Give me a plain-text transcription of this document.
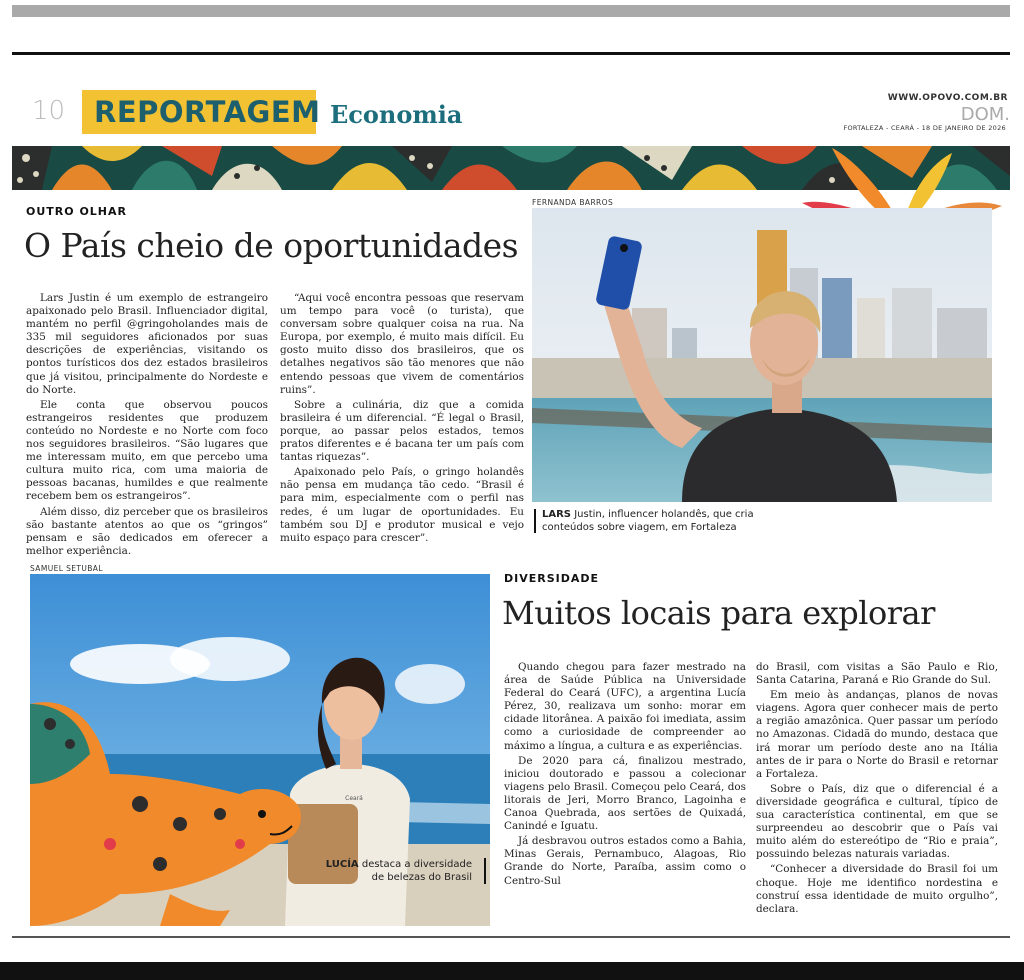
10 REPORTAGEM Economia
WWW.OPOVO.COM.BR
DOM.
FORTALEZA - CEARÁ - 18 DE JANEIRO DE 2026
OUTRO OLHAR
O País cheio de oportunidades

Lars Justin é um exemplo de estrangeiro apaixonado pelo Brasil. Influenciador digital, mantém no perfil @gringoholandes mais de 335 mil seguidores aficionados por suas descrições de experiências, visitando os pontos turísticos dos dez estados brasileiros que já visitou, principalmente do Nordeste e do Norte.

Ele conta que observou poucos estrangeiros residentes que produzem conteúdo no Nordeste e no Norte com foco nos seguidores brasileiros. “São lugares que me interessam muito, em que percebo uma cultura muito rica, com uma maioria de pessoas bacanas, humildes e que realmente recebem bem os estrangeiros”.

Além disso, diz perceber que os brasileiros são bastante atentos ao que os “gringos” pensam e são dedicados em oferecer a melhor experiência.

“Aqui você encontra pessoas que reservam um tempo para você (o turista), que conversam sobre qualquer coisa na rua. Na Europa, por exemplo, é muito mais difícil. Eu gosto muito disso dos brasileiros, que os detalhes negativos são tão menores que não entendo pessoas que vivem de comentários ruins”.

Sobre a culinária, diz que a comida brasileira é um diferencial. “É legal o Brasil, porque, ao passar pelos estados, temos pratos diferentes e é bacana ter um país com tantas riquezas”.

Apaixonado pelo País, o gringo holandês não pensa em mudança tão cedo. “Brasil é para mim, especialmente com o perfil nas redes, é um lugar de oportunidades. Eu também sou DJ e produtor musical e vejo muito espaço para crescer”.

FERNANDA BARROS
LARS Justin, influencer holandês, que cria conteúdos sobre viagem, em Fortaleza
SAMUEL SETUBAL
Ceará
LUCÍA destaca a diversidade
de belezas do Brasil
DIVERSIDADE
Muitos locais para explorar

Quando chegou para fazer mestrado na área de Saúde Pública na Universidade Federal do Ceará (UFC), a argentina Lucía Pérez, 30, realizava um sonho: morar em cidade litorânea. A paixão foi imediata, assim como a curiosidade de compreender ao máximo a língua, a cultura e as experiências.

De 2020 para cá, finalizou mestrado, iniciou doutorado e passou a colecionar viagens pelo Brasil. Começou pelo Ceará, dos litorais de Jeri, Morro Branco, Lagoinha e Canoa Quebrada, aos sertões de Quixadá, Canindé e Iguatu.

Já desbravou outros estados como a Bahia, Minas Gerais, Pernambuco, Alagoas, Rio Grande do Norte, Paraíba, assim como o Centro-Sul

do Brasil, com visitas a São Paulo e Rio, Santa Catarina, Paraná e Rio Grande do Sul.

Em meio às andanças, planos de novas viagens. Agora quer conhecer mais de perto a região amazônica. Quer passar um período no Amazonas. Cidadã do mundo, destaca que irá morar um período deste ano na Itália antes de ir para o Norte do Brasil e retornar a Fortaleza.

Sobre o País, diz que o diferencial é a diversidade geográfica e cultural, típico de sua característica continental, em que se surpreendeu ao descobrir que o País vai muito além do estereótipo de “Rio e praia”, possuindo belezas naturais variadas.

“Conhecer a diversidade do Brasil foi um choque. Hoje me identifico nordestina e construí essa identidade de muito orgulho”, declara.
